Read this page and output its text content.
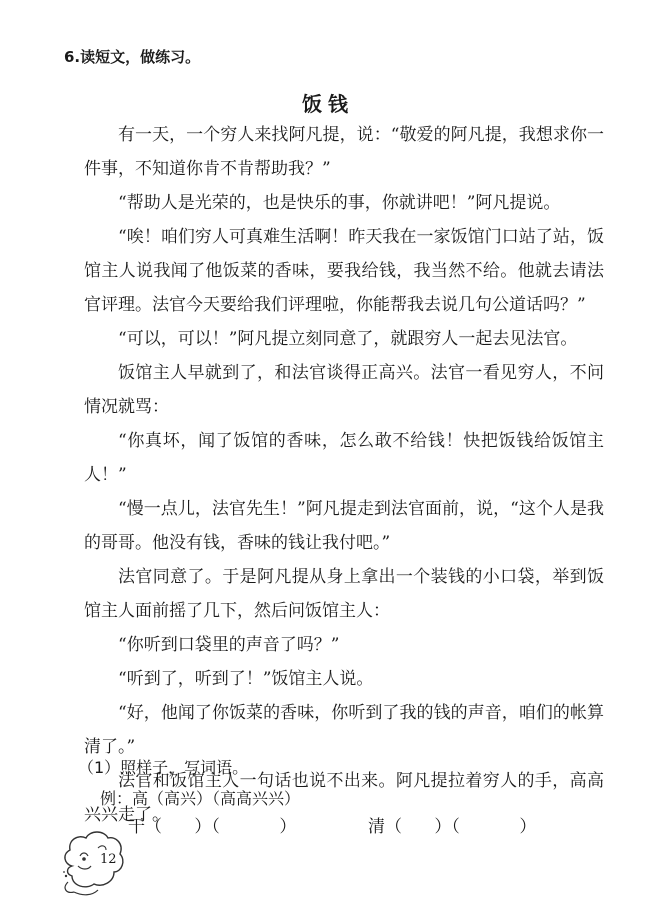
6.读短文，做练习。
饭钱

有一天，一个穷人来找阿凡提，说：“敬爱的阿凡提，我想求你一件事，不知道你肯不肯帮助我？”

“帮助人是光荣的，也是快乐的事，你就讲吧！”阿凡提说。

“唉！咱们穷人可真难生活啊！昨天我在一家饭馆门口站了站，饭馆主人说我闻了他饭菜的香味，要我给钱，我当然不给。他就去请法官评理。法官今天要给我们评理啦，你能帮我去说几句公道话吗？”

“可以，可以！”阿凡提立刻同意了，就跟穷人一起去见法官。

饭馆主人早就到了，和法官谈得正高兴。法官一看见穷人，不问情况就骂：

“你真坏，闻了饭馆的香味，怎么敢不给钱！快把饭钱给饭馆主人！”

“慢一点儿，法官先生！”阿凡提走到法官面前，说，“这个人是我的哥哥。他没有钱，香味的钱让我付吧。”

法官同意了。于是阿凡提从身上拿出一个装钱的小口袋，举到饭馆主人面前摇了几下，然后问饭馆主人：

“你听到口袋里的声音了吗？”

“听到了，听到了！”饭馆主人说。

“好，他闻了你饭菜的香味，你听到了我的钱的声音，咱们的帐算清了。”

法官和饭馆主人一句话也说不出来。阿凡提拉着穷人的手，高高兴兴走了。

（1）照样子，写词语。
例：高（高兴）（高高兴兴）
干（      ）（           ）	清（      ）（           ）
12
